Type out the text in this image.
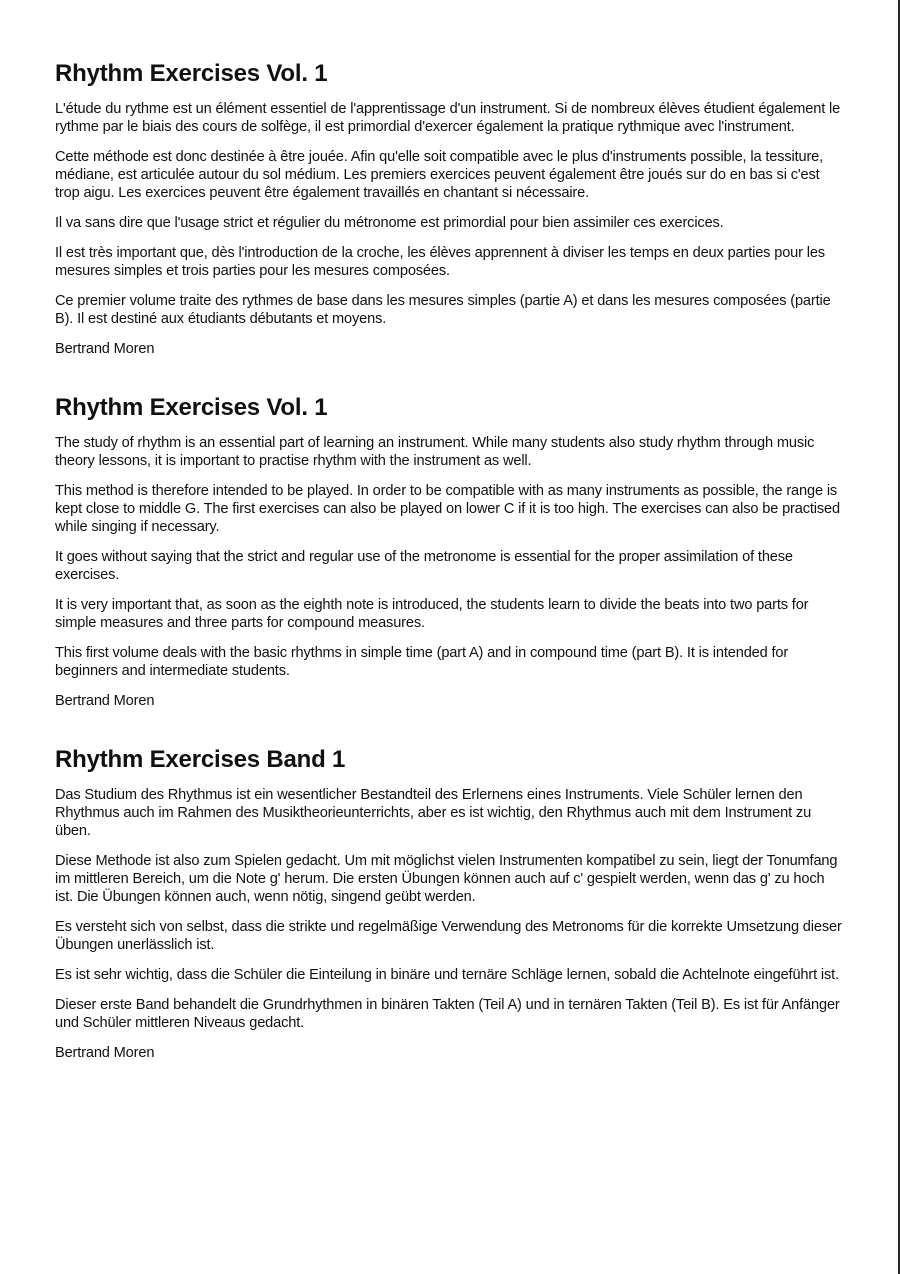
Rhythm Exercises Vol. 1

L'étude du rythme est un élément essentiel de l'apprentissage d'un instrument. Si de nombreux élèves étudient également le rythme par le biais des cours de solfège, il est primordial d'exercer également la pratique rythmique avec l'instrument.

Cette méthode est donc destinée à être jouée. Afin qu'elle soit compatible avec le plus d'instruments possible, la tessiture, médiane, est articulée autour du sol médium. Les premiers exercices peuvent également être joués sur do en bas si c'est trop aigu. Les exercices peuvent être également travaillés en chantant si nécessaire.

Il va sans dire que l'usage strict et régulier du métronome est primordial pour bien assimiler ces exercices.

Il est très important que, dès l'introduction de la croche, les élèves apprennent à diviser les temps en deux parties pour les mesures simples et trois parties pour les mesures composées.

Ce premier volume traite des rythmes de base dans les mesures simples (partie A) et dans les mesures composées (partie B). Il est destiné aux étudiants débutants et moyens.

Bertrand Moren

Rhythm Exercises Vol. 1

The study of rhythm is an essential part of learning an instrument. While many students also study rhythm through music theory lessons, it is important to practise rhythm with the instrument as well.

This method is therefore intended to be played. In order to be compatible with as many instruments as possible, the range is kept close to middle G. The first exercises can also be played on lower C if it is too high. The exercises can also be practised while singing if necessary.

It goes without saying that the strict and regular use of the metronome is essential for the proper assimilation of these exercises.

It is very important that, as soon as the eighth note is introduced, the students learn to divide the beats into two parts for simple measures and three parts for compound measures.

This first volume deals with the basic rhythms in simple time (part A) and in compound time (part B). It is intended for beginners and intermediate students.

Bertrand Moren

Rhythm Exercises Band 1

Das Studium des Rhythmus ist ein wesentlicher Bestandteil des Erlernens eines Instruments. Viele Schüler lernen den Rhythmus auch im Rahmen des Musiktheorieunterrichts, aber es ist wichtig, den Rhythmus auch mit dem Instrument zu üben.

Diese Methode ist also zum Spielen gedacht. Um mit möglichst vielen Instrumenten kompatibel zu sein, liegt der Tonumfang im mittleren Bereich, um die Note g' herum. Die ersten Übungen können auch auf c' gespielt werden, wenn das g' zu hoch ist. Die Übungen können auch, wenn nötig, singend geübt werden.

Es versteht sich von selbst, dass die strikte und regelmäßige Verwendung des Metronoms für die korrekte Umsetzung dieser Übungen unerlässlich ist.

Es ist sehr wichtig, dass die Schüler die Einteilung in binäre und ternäre Schläge lernen, sobald die Achtelnote eingeführt ist.

Dieser erste Band behandelt die Grundrhythmen in binären Takten (Teil A) und in ternären Takten (Teil B). Es ist für Anfänger und Schüler mittleren Niveaus gedacht.

Bertrand Moren
